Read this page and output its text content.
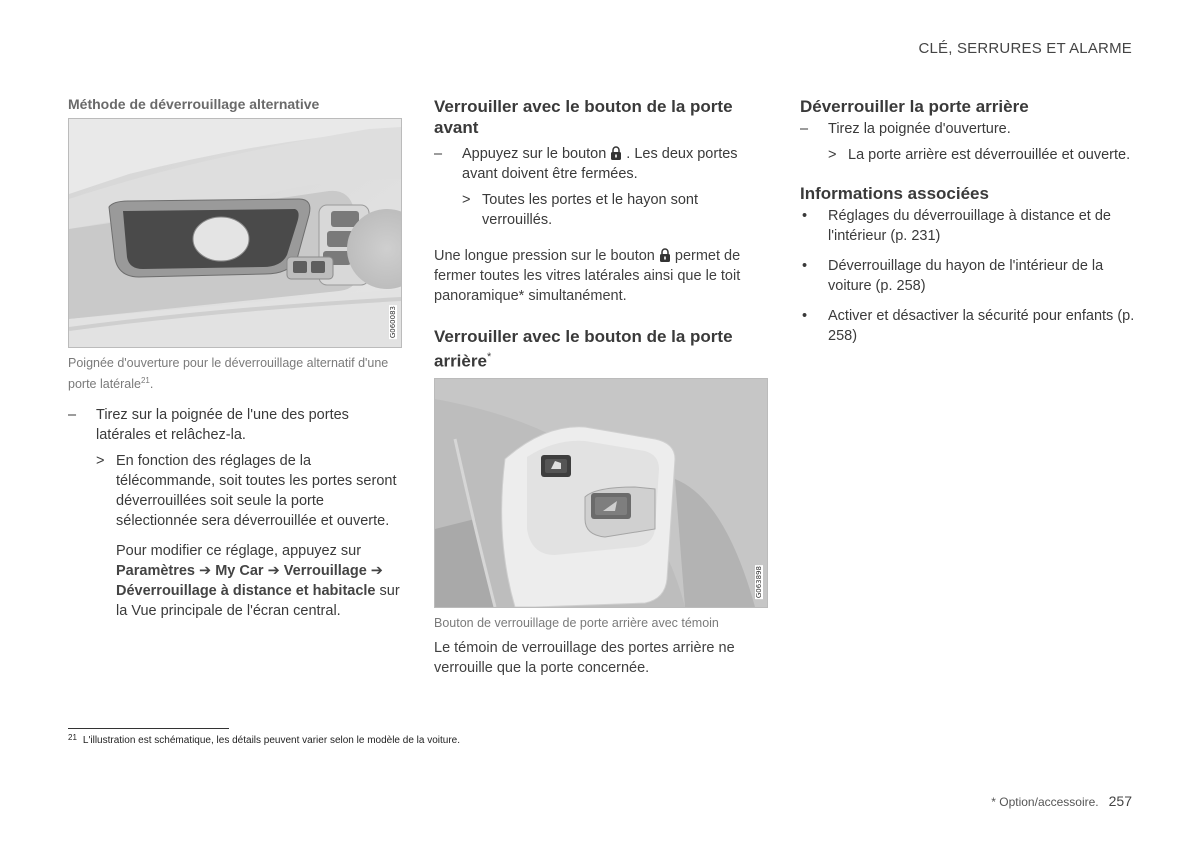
CLÉ, SERRURES ET ALARME
Méthode de déverrouillage alternative
G060083
Poignée d'ouverture pour le déverrouillage alternatif d'une porte latérale$^{21}$.
– Tirez sur la poignée de l'une des portes latérales et relâchez-la.
> En fonction des réglages de la télécommande, soit toutes les portes seront déverrouillées soit seule la porte sélectionnée sera déverrouillée et ouverte.
Pour modifier ce réglage, appuyez sur Paramètres ➔ My Car ➔ Verrouillage ➔ Déverrouillage à distance et habitacle sur la Vue principale de l'écran central.
Verrouiller avec le bouton de la porte avant
– Appuyez sur le bouton . Les deux portes avant doivent être fermées.
> Toutes les portes et le hayon sont verrouillés.

Une longue pression sur le bouton permet de fermer toutes les vitres latérales ainsi que le toit panoramique* simultanément.

Verrouiller avec le bouton de la porte arrière*
G063898
Bouton de verrouillage de porte arrière avec témoin

Le témoin de verrouillage des portes arrière ne verrouille que la porte concernée.

Déverrouiller la porte arrière
– Tirez la poignée d'ouverture.
> La porte arrière est déverrouillée et ouverte.
Informations associées
• Réglages du déverrouillage à distance et de l'intérieur (p. 231)
• Déverrouillage du hayon de l'intérieur de la voiture (p. 258)
• Activer et désactiver la sécurité pour enfants (p. 258)
$^{21}$ L'illustration est schématique, les détails peuvent varier selon le modèle de la voiture.
* Option/accessoire. 257
